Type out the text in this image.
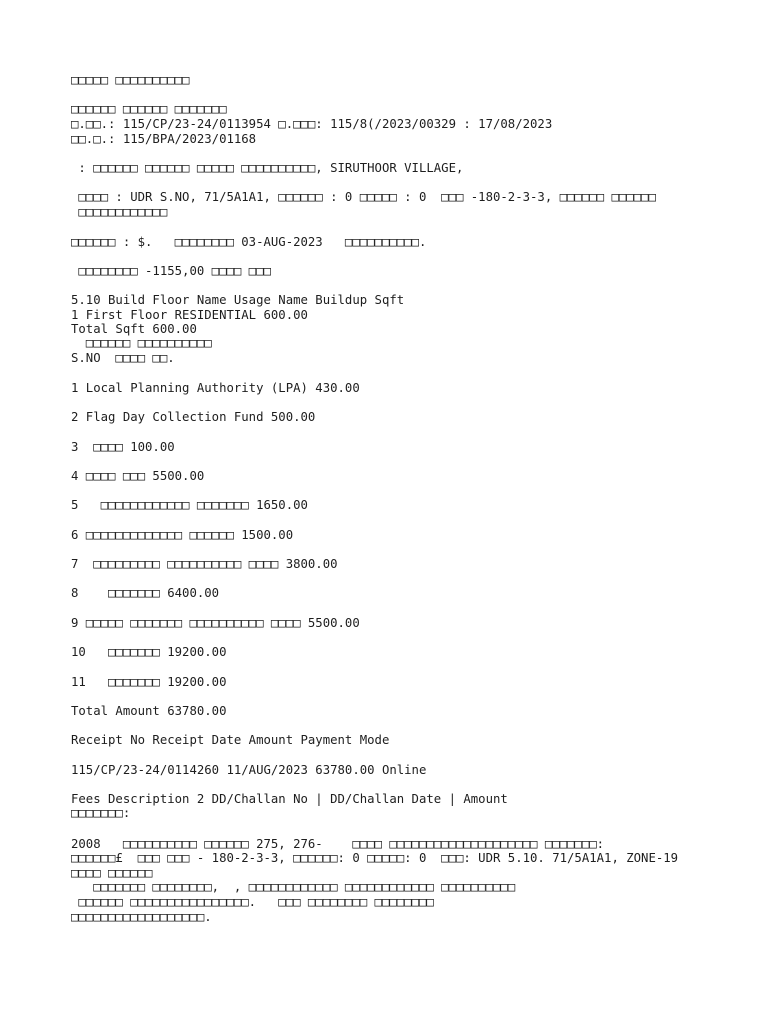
□□□□□ □□□□□□□□□□
□□□□□□ □□□□□□ □□□□□□□
□.□□.: 115/CP/23-24/0113954 □.□□□: 115/8(/2023/00329 : 17/08/2023
□□.□.: 115/BPA/2023/01168
: □□□□□□ □□□□□□ □□□□□ □□□□□□□□□□, SIRUTHOOR VILLAGE,
□□□□ : UDR S.NO, 71/5A1A1, □□□□□□ : 0 □□□□□ : 0  □□□ -180-2-3-3, □□□□□□ □□□□□□
□□□□□□□□□□□□
□□□□□□ : $.   □□□□□□□□ 03-AUG-2023   □□□□□□□□□□.
□□□□□□□□ -1155,00 □□□□ □□□
5.10 Build Floor Name Usage Name Buildup Sqft
1 First Floor RESIDENTIAL 600.00
Total Sqft 600.00
□□□□□□ □□□□□□□□□□
S.NO  □□□□ □□.
1 Local Planning Authority (LPA) 430.00
2 Flag Day Collection Fund 500.00
3  □□□□ 100.00
4 □□□□ □□□ 5500.00
5   □□□□□□□□□□□□ □□□□□□□ 1650.00
6 □□□□□□□□□□□□□ □□□□□□ 1500.00
7  □□□□□□□□□ □□□□□□□□□□ □□□□ 3800.00
8    □□□□□□□ 6400.00
9 □□□□□ □□□□□□□ □□□□□□□□□□ □□□□ 5500.00
10   □□□□□□□ 19200.00
11   □□□□□□□ 19200.00
Total Amount 63780.00
Receipt No Receipt Date Amount Payment Mode
115/CP/23-24/0114260 11/AUG/2023 63780.00 Online
Fees Description 2 DD/Challan No | DD/Challan Date | Amount
□□□□□□□:
2008   □□□□□□□□□□ □□□□□□ 275, 276-    □□□□ □□□□□□□□□□□□□□□□□□□□ □□□□□□□:
□□□□□□£  □□□ □□□ - 180-2-3-3, □□□□□□: 0 □□□□□: 0  □□□: UDR 5.10. 71/5A1A1, ZONE-19
□□□□ □□□□□□
□□□□□□□ □□□□□□□□,  , □□□□□□□□□□□□ □□□□□□□□□□□□ □□□□□□□□□□
□□□□□□ □□□□□□□□□□□□□□□□.   □□□ □□□□□□□□ □□□□□□□□
□□□□□□□□□□□□□□□□□□.
